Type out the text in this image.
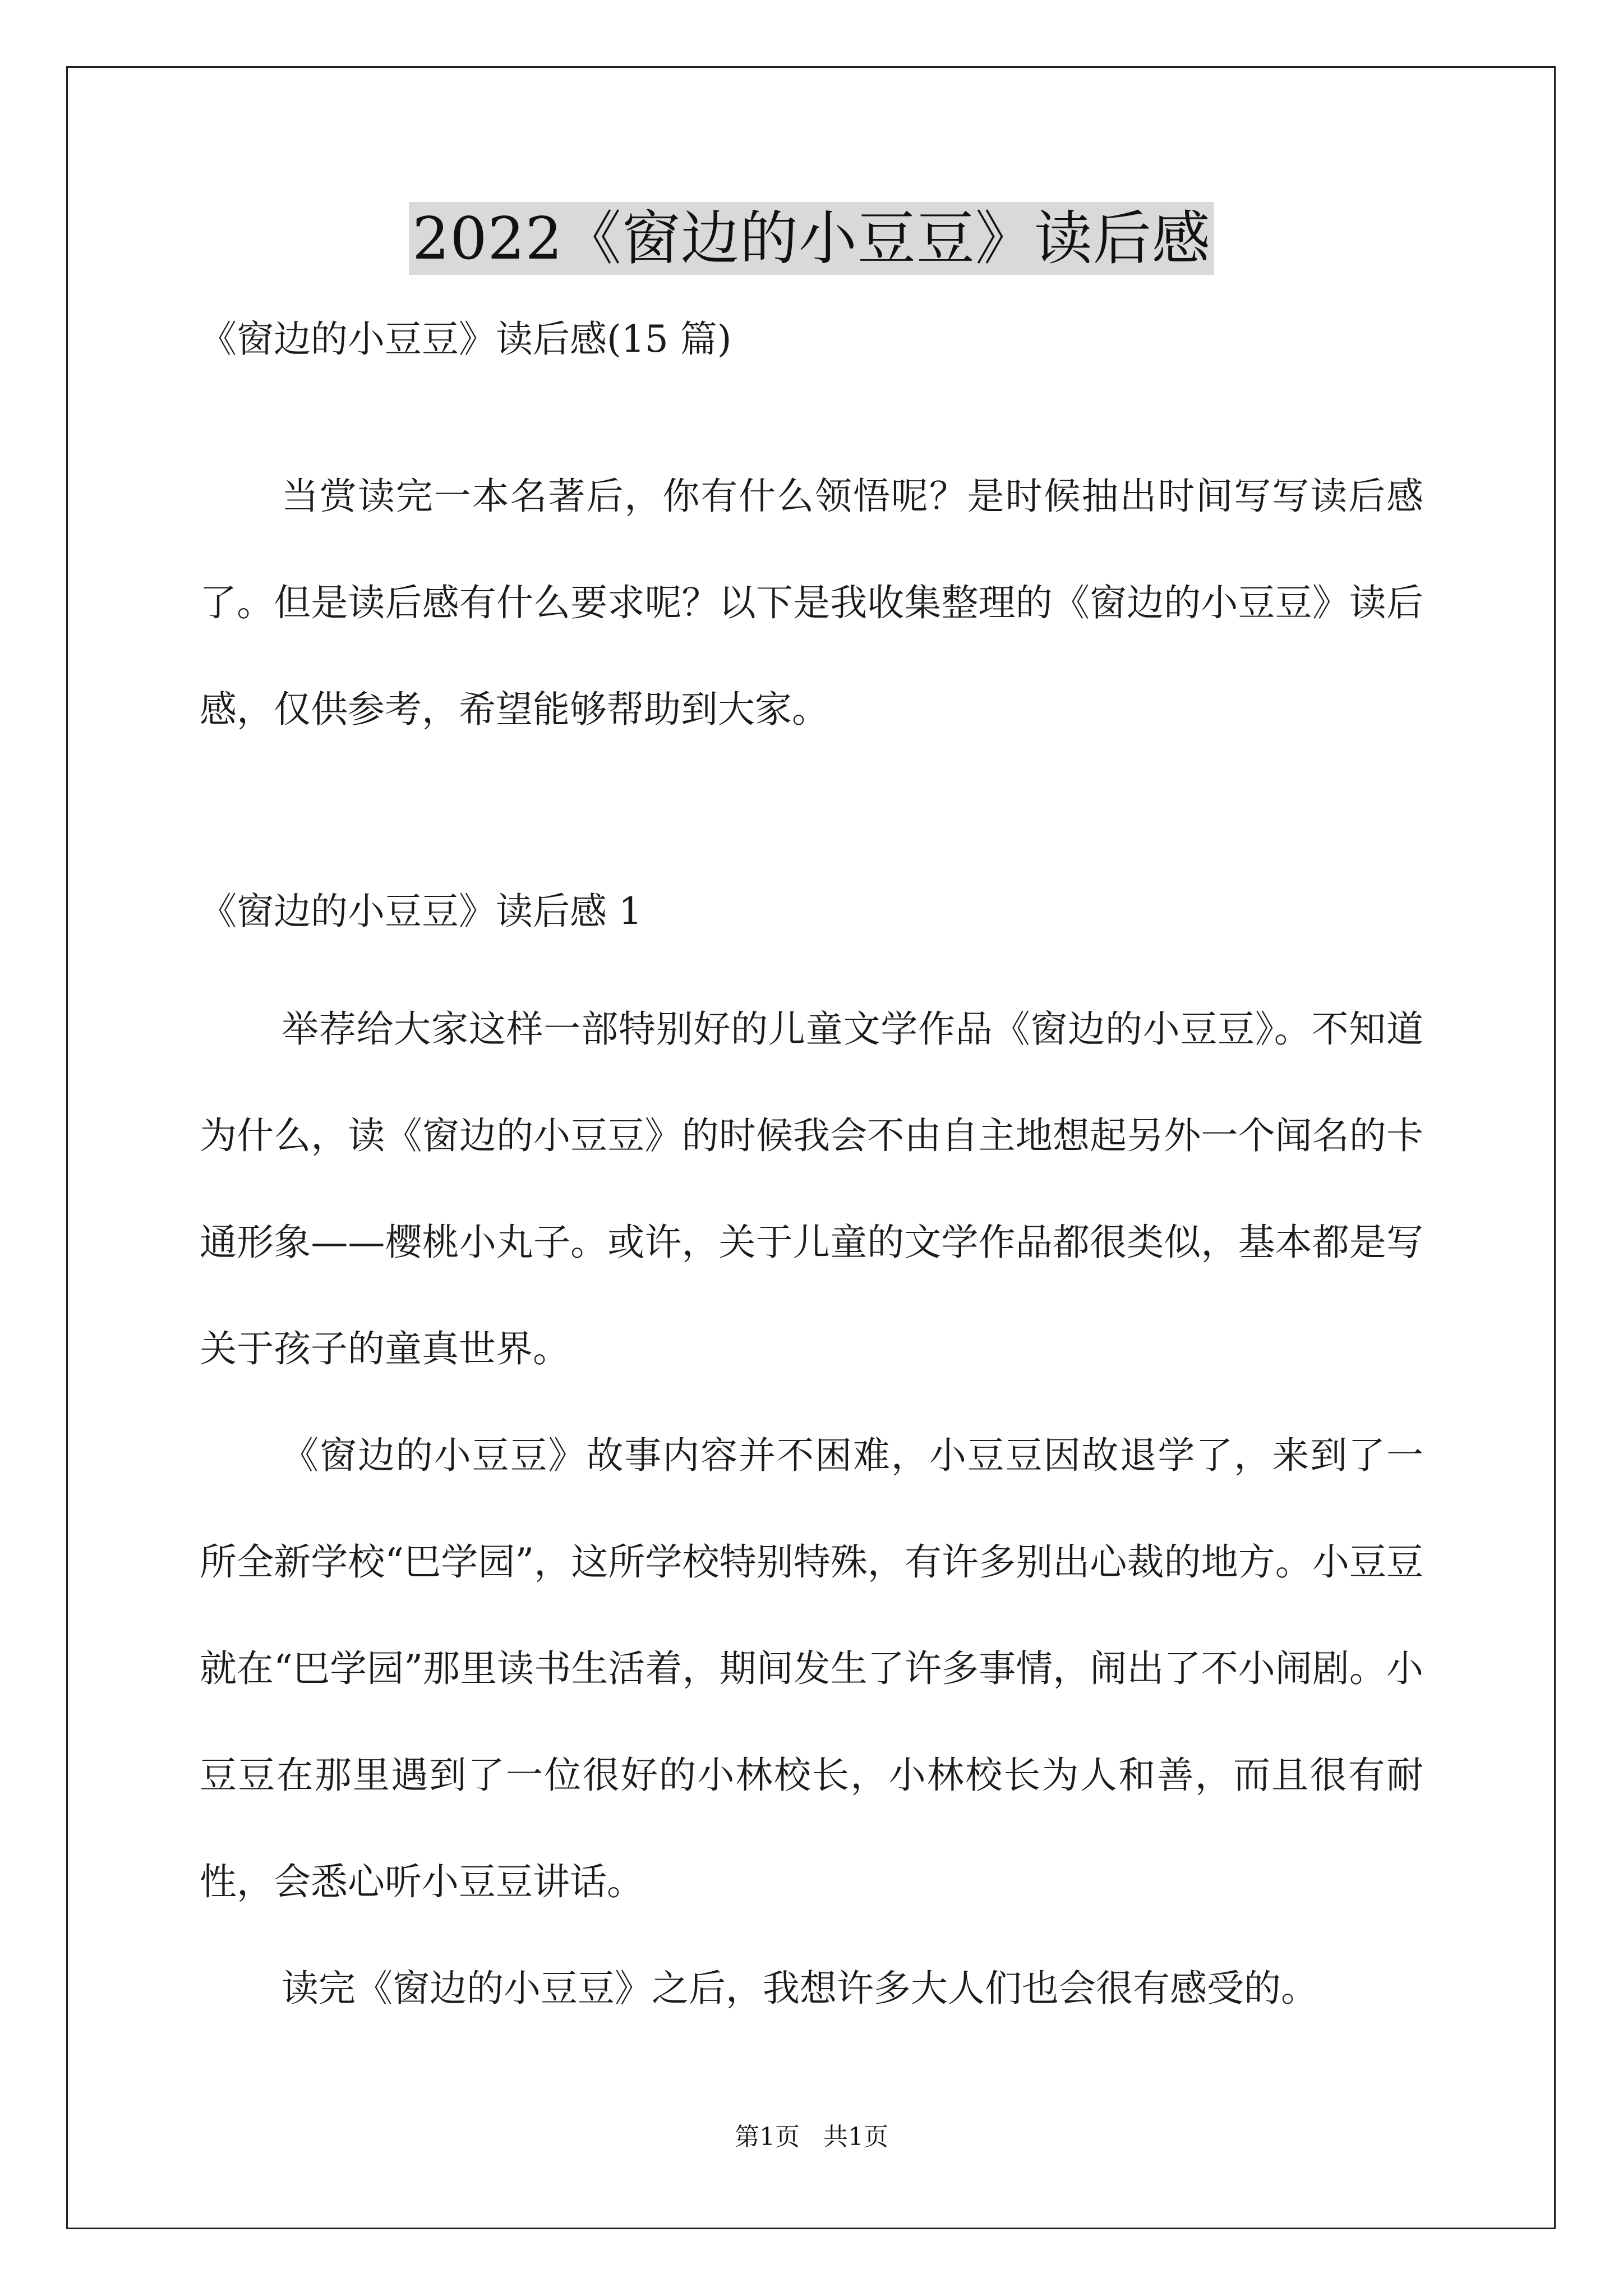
2022《窗边的小豆豆》读后感
《窗边的小豆豆》读后感(15 篇)

当赏读完一本名著后，你有什么领悟呢？是时候抽出时间写写读后感了。但是读后感有什么要求呢？以下是我收集整理的《窗边的小豆豆》读后感，仅供参考，希望能够帮助到大家。

《窗边的小豆豆》读后感 1

举荐给大家这样一部特别好的儿童文学作品《窗边的小豆豆》。不知道为什么，读《窗边的小豆豆》的时候我会不由自主地想起另外一个闻名的卡通形象——樱桃小丸子。或许，关于儿童的文学作品都很类似，基本都是写关于孩子的童真世界。

《窗边的小豆豆》故事内容并不困难，小豆豆因故退学了，来到了一所全新学校“巴学园”，这所学校特别特殊，有许多别出心裁的地方。小豆豆就在“巴学园”那里读书生活着，期间发生了许多事情，闹出了不小闹剧。小豆豆在那里遇到了一位很好的小林校长，小林校长为人和善，而且很有耐性，会悉心听小豆豆讲话。

读完《窗边的小豆豆》之后，我想许多大人们也会很有感受的。

第1页 共1页
